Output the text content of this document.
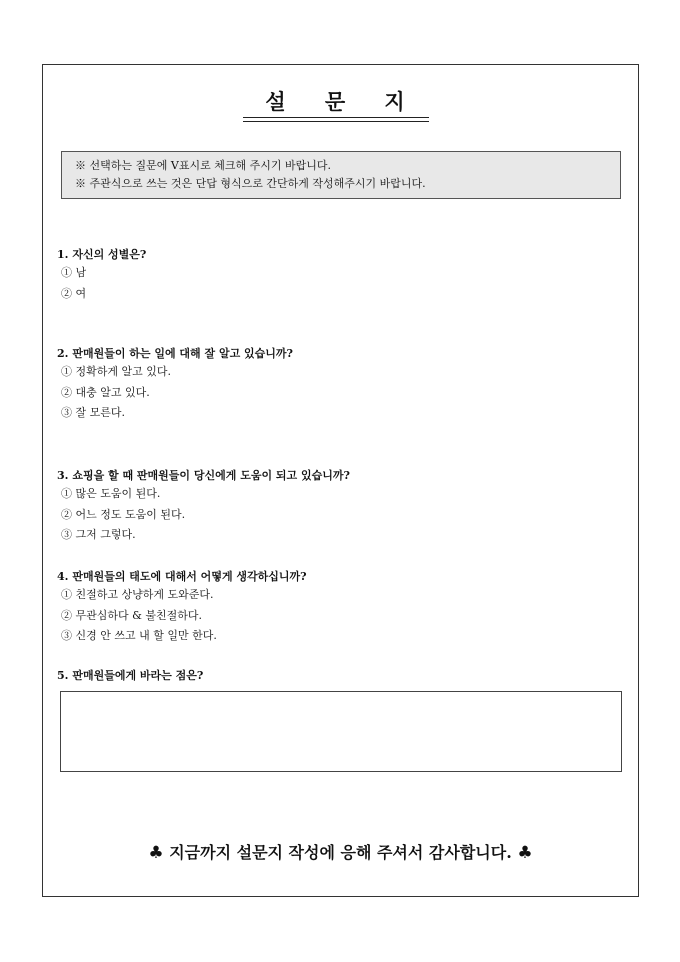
설    문    지
※ 선택하는 질문에 V표시로 체크해 주시기 바랍니다.
※ 주관식으로 쓰는 것은 단답 형식으로 간단하게 작성해주시기 바랍니다.
1. 자신의 성별은?
① 남
② 여
2. 판매원들이 하는 일에 대해 잘 알고 있습니까?
① 정확하게 알고 있다.
② 대충 알고 있다.
③ 잘 모른다.
3. 쇼핑을 할 때 판매원들이 당신에게 도움이 되고 있습니까?
① 많은 도움이 된다.
② 어느 정도 도움이 된다.
③ 그저 그렇다.
4. 판매원들의 태도에 대해서 어떻게 생각하십니까?
① 친절하고 상냥하게 도와준다.
② 무관심하다 & 불친절하다.
③ 신경 안 쓰고 내 할 일만 한다.
5. 판매원들에게 바라는 점은?
♣ 지금까지 설문지 작성에 응해 주셔서 감사합니다. ♣
